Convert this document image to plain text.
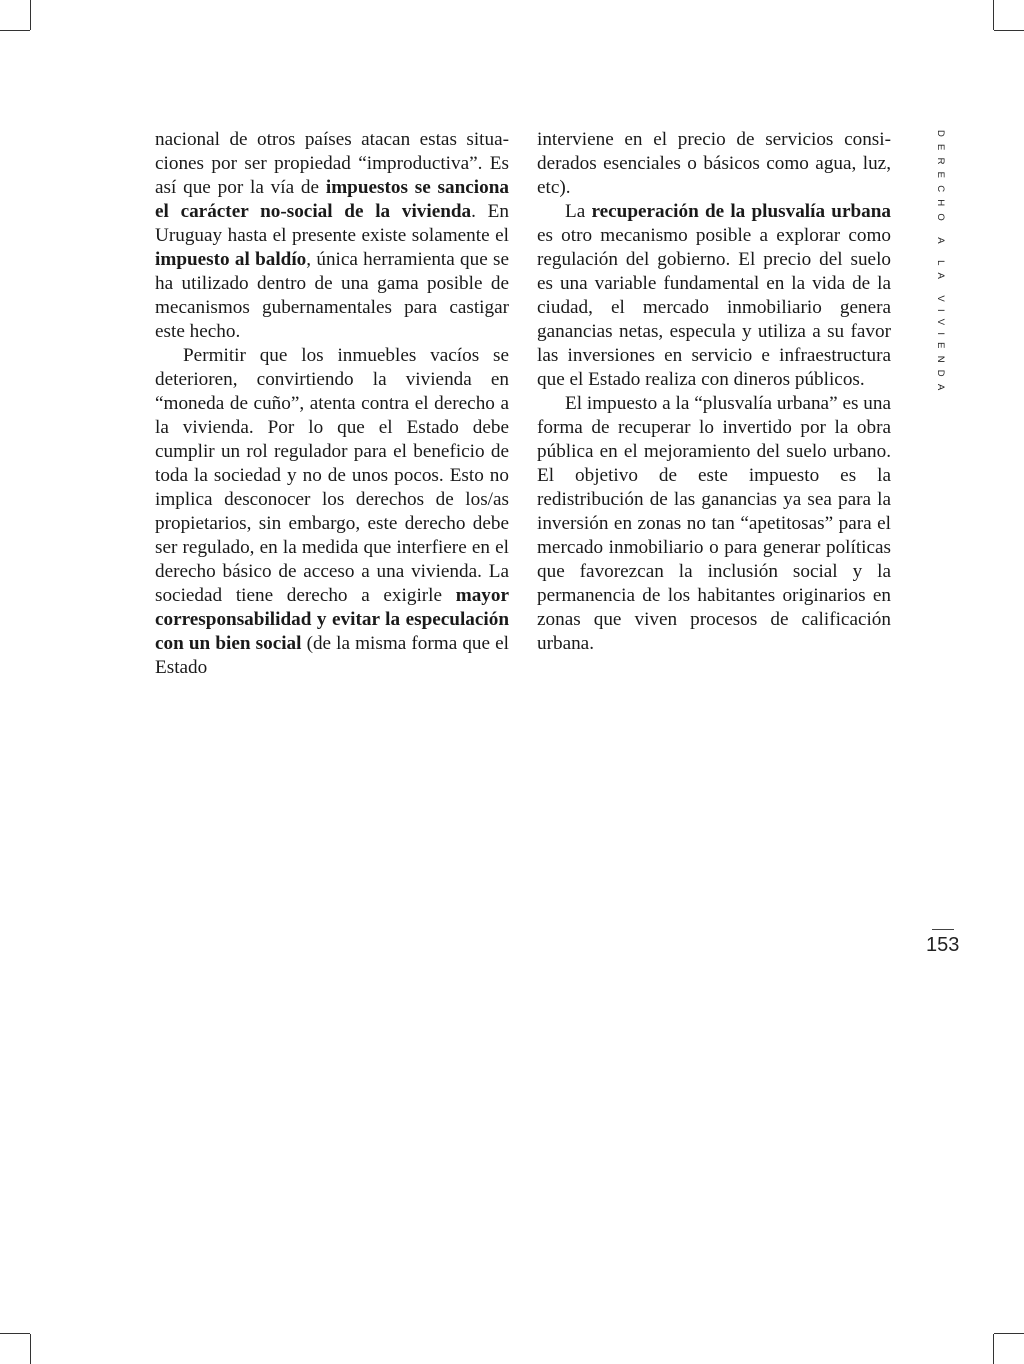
nacional de otros países atacan estas situaciones por ser propiedad “improductiva”. Es así que por la vía de impuestos se sanciona el carácter no-social de la vivienda. En Uruguay hasta el presente existe solamente el impuesto al baldío, única herramienta que se ha utilizado dentro de una gama posible de mecanismos gubernamentales para castigar este hecho.

Permitir que los inmuebles vacíos se deterioren, convirtiendo la vivienda en “moneda de cuño”, atenta contra el derecho a la vivienda. Por lo que el Estado debe cumplir un rol regulador para el beneficio de toda la sociedad y no de unos pocos. Esto no implica desconocer los derechos de los/as propietarios, sin embargo, este derecho debe ser regulado, en la medida que interfiere en el derecho básico de acceso a una vivienda. La sociedad tiene derecho a exigirle mayor corresponsabilidad y evitar la especulación con un bien social (de la misma forma que el Estado

interviene en el precio de servicios considerados esenciales o básicos como agua, luz, etc).

La recuperación de la plusvalía urbana es otro mecanismo posible a explorar como regulación del gobierno. El precio del suelo es una variable fundamental en la vida de la ciudad, el mercado inmobiliario genera ganancias netas, especula y utiliza a su favor las inversiones en servicio e infraestructura que el Estado realiza con dineros públicos.

El impuesto a la “plusvalía urbana” es una forma de recuperar lo invertido por la obra pública en el mejoramiento del suelo urbano. El objetivo de este impuesto es la redistribución de las ganancias ya sea para la inversión en zonas no tan “apetitosas” para el mercado inmobiliario o para generar políticas que favorezcan la inclusión social y la permanencia de los habitantes originarios en zonas que viven procesos de calificación urbana.

DERECHO A LA VIVIENDA
153
